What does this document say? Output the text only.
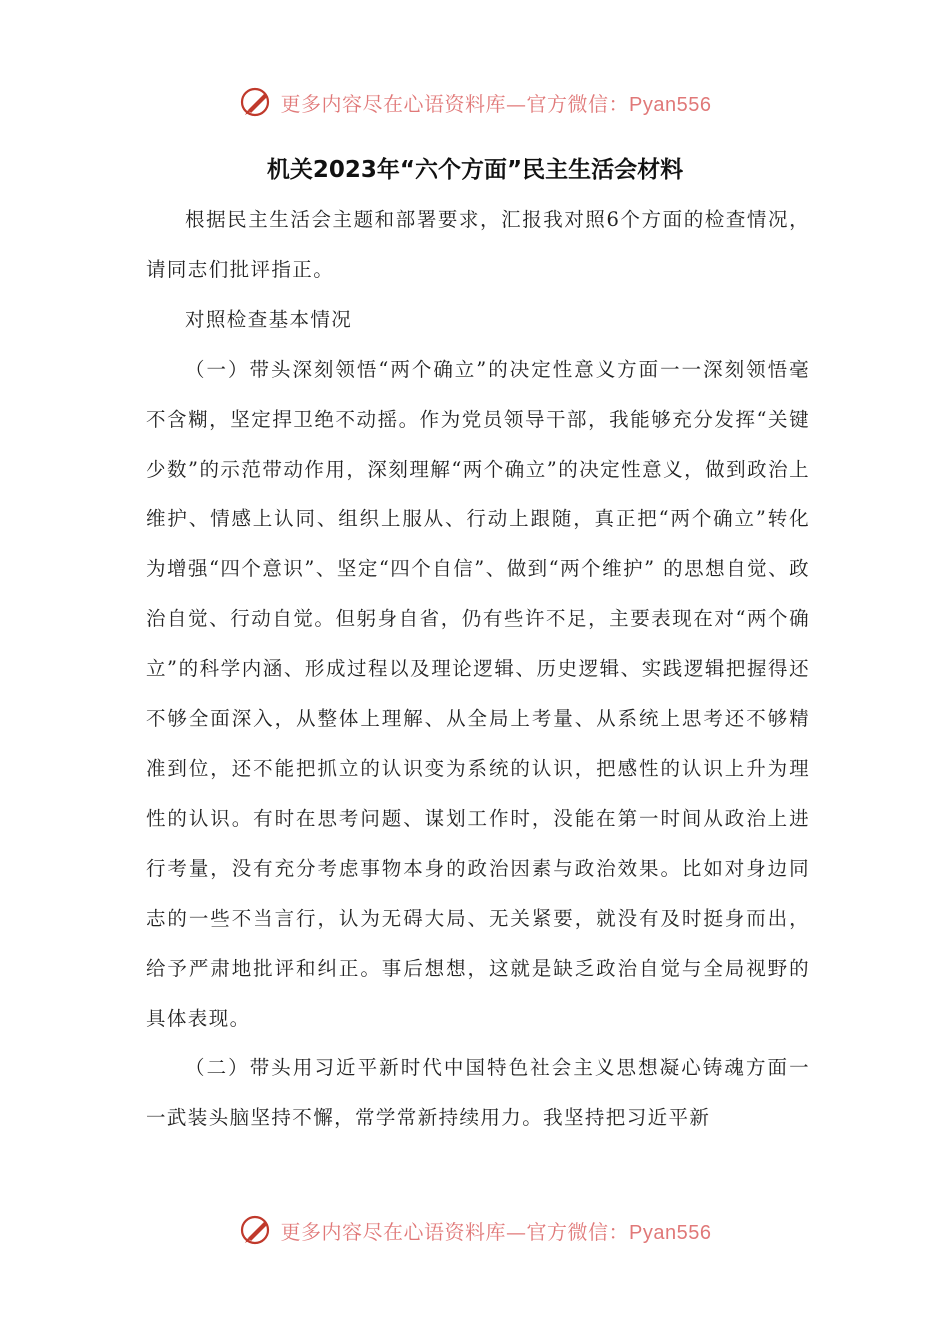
更多内容尽在心语资料库—官方微信：Pyan556
机关2023年“六个方面”民主生活会材料

根据民主生活会主题和部署要求，汇报我对照6个方面的检查情况，请同志们批评指正。

对照检查基本情况

（一）带头深刻领悟“两个确立”的决定性意义方面一一深刻领悟毫不含糊，坚定捍卫绝不动摇。作为党员领导干部，我能够充分发挥“关键少数”的示范带动作用，深刻理解“两个确立”的决定性意义，做到政治上维护、情感上认同、组织上服从、行动上跟随，真正把“两个确立”转化为增强“四个意识”、坚定“四个自信”、做到“两个维护” 的思想自觉、政治自觉、行动自觉。但躬身自省，仍有些许不足，主要表现在对“两个确立”的科学内涵、形成过程以及理论逻辑、历史逻辑、实践逻辑把握得还不够全面深入，从整体上理解、从全局上考量、从系统上思考还不够精准到位，还不能把抓立的认识变为系统的认识，把感性的认识上升为理性的认识。有时在思考问题、谋划工作时，没能在第一时间从政治上进行考量，没有充分考虑事物本身的政治因素与政治效果。比如对身边同志的一些不当言行，认为无碍大局、无关紧要，就没有及时挺身而出，给予严肃地批评和纠正。事后想想，这就是缺乏政治自觉与全局视野的具体表现。

（二）带头用习近平新时代中国特色社会主义思想凝心铸魂方面一一武装头脑坚持不懈，常学常新持续用力。我坚持把习近平新

更多内容尽在心语资料库—官方微信：Pyan556
